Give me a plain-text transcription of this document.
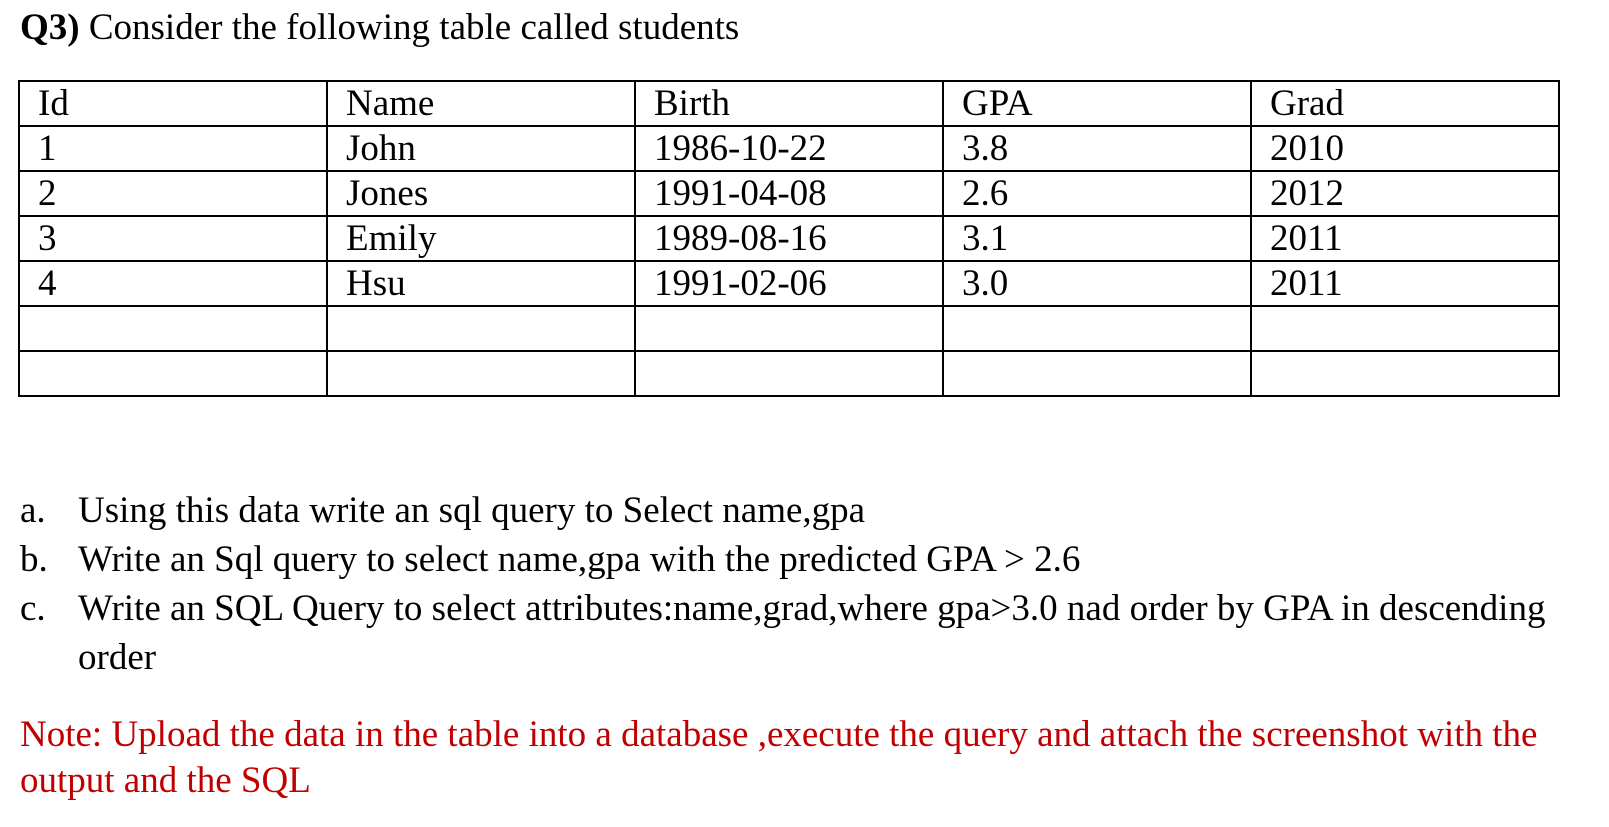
Q3) Consider the following table called students
Id	Name	Birth	GPA	Grad
1	John	1986-10-22	3.8	2010
2	Jones	1991-04-08	2.6	2012
3	Emily	1989-08-16	3.1	2011
4	Hsu	1991-02-06	3.0	2011

a. Using this data write an sql query to Select name,gpa
b. Write an Sql query to select name,gpa with the predicted GPA > 2.6
c. Write an SQL Query to select attributes:name,grad,where gpa>3.0 nad order by GPA in descending order
Note: Upload the data in the table into a database ,execute the query and attach the screenshot with the output and the SQL
